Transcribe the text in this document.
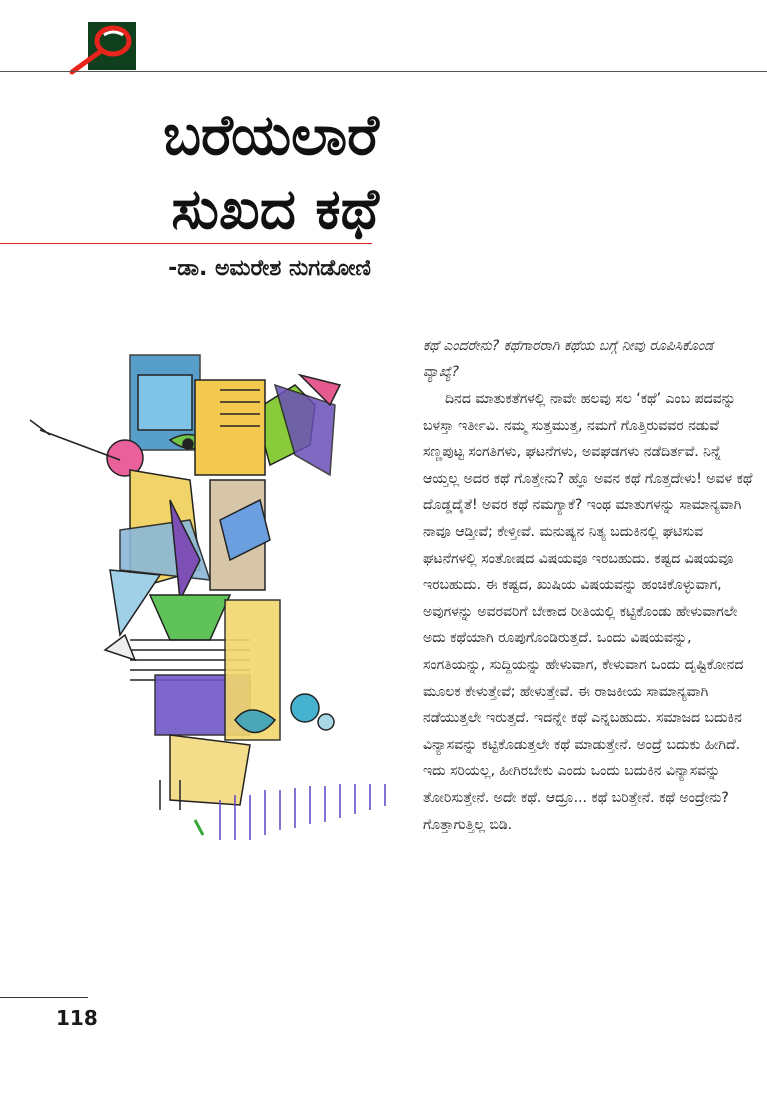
ಬರೆಯಲಾರೆ
ಸುಖದ ಕಥೆ
-ಡಾ. ಅಮರೇಶ ನುಗಡೋಣಿ
ಕಥೆ ಎಂದರೇನು? ಕಥೆಗಾರರಾಗಿ ಕಥೆಯ ಬಗ್ಗೆ ನೀವು ರೂಪಿಸಿಕೊಂಡ ವ್ಯಾಖ್ಯೆ?

ದಿನದ ಮಾತುಕತೆಗಳಲ್ಲಿ ನಾವೇ ಹಲವು ಸಲ ‘ಕಥೆ’ ಎಂಬ ಪದವನ್ನು ಬಳಸ್ತಾ ಇರ್ತೀವಿ. ನಮ್ಮ ಸುತ್ತಮುತ್ತ, ನಮಗೆ ಗೊತ್ತಿರುವವರ ನಡುವೆ ಸಣ್ಣಪುಟ್ಟ ಸಂಗತಿಗಳು, ಘಟನೆಗಳು, ಅವಘಡಗಳು ನಡೆದಿರ್ತವೆ. ನಿನ್ನೆ ಆಯ್ತಲ್ಲ ಅದರ ಕಥೆ ಗೊತ್ತೇನು? ಹ್ಞೊ ಅವನ ಕಥೆ ಗೊತ್ತದೇಳು! ಅವಳ ಕಥೆ ದೊಡ್ಡದೈತೆ! ಅವರ ಕಥೆ ನಮಗ್ಯಾಕೆ? ಇಂಥ ಮಾತುಗಳನ್ನು ಸಾಮಾನ್ಯವಾಗಿ ನಾವೂ ಆಡ್ತೀವೆ; ಕೇಳ್ತೀವೆ. ಮನುಷ್ಯನ ನಿತ್ಯ ಬದುಕಿನಲ್ಲಿ ಘಟಿಸುವ ಘಟನೆಗಳಲ್ಲಿ ಸಂತೋಷದ ವಿಷಯವೂ ಇರಬಹುದು. ಕಷ್ಟದ ವಿಷಯವೂ ಇರಬಹುದು. ಈ ಕಷ್ಟದ, ಖುಷಿಯ ವಿಷಯವನ್ನು ಹಂಚಿಕೊಳ್ಳುವಾಗ, ಅವುಗಳನ್ನು ಅವರವರಿಗೆ ಬೇಕಾದ ರೀತಿಯಲ್ಲಿ ಕಟ್ಟಿಕೊಂಡು ಹೇಳುವಾಗಲೇ ಅದು ಕಥೆಯಾಗಿ ರೂಪುಗೊಂಡಿರುತ್ತದೆ. ಒಂದು ವಿಷಯವನ್ನು, ಸಂಗತಿಯನ್ನು, ಸುದ್ದಿಯನ್ನು ಹೇಳುವಾಗ, ಕೇಳುವಾಗ ಒಂದು ದೃಷ್ಟಿಕೋನದ ಮೂಲಕ ಕೇಳುತ್ತೇವೆ; ಹೇಳುತ್ತೇವೆ. ಈ ರಾಜಕೀಯ ಸಾಮಾನ್ಯವಾಗಿ ನಡೆಯುತ್ತಲೇ ಇರುತ್ತದೆ. ಇದನ್ನೇ ಕಥೆ ಎನ್ನಬಹುದು. ಸಮಾಜದ ಬದುಕಿನ ವಿನ್ಯಾಸವನ್ನು ಕಟ್ಟಿಕೊಡುತ್ತಲೇ ಕಥೆ ಮಾಡುತ್ತೇನೆ. ಅಂದ್ರೆ ಬದುಕು ಹೀಗಿದೆ. ಇದು ಸರಿಯಲ್ಲ, ಹೀಗಿರಬೇಕು ಎಂದು ಒಂದು ಬದುಕಿನ ವಿನ್ಯಾಸವನ್ನು ತೋರಿಸುತ್ತೇನೆ. ಅದೇ ಕಥೆ. ಆದ್ರೂ... ಕಥೆ ಬರಿತ್ತೇನೆ. ಕಥೆ ಅಂದ್ರೇನು? ಗೊತ್ತಾಗುತ್ತಿಲ್ಲ ಬಿಡಿ.

118
